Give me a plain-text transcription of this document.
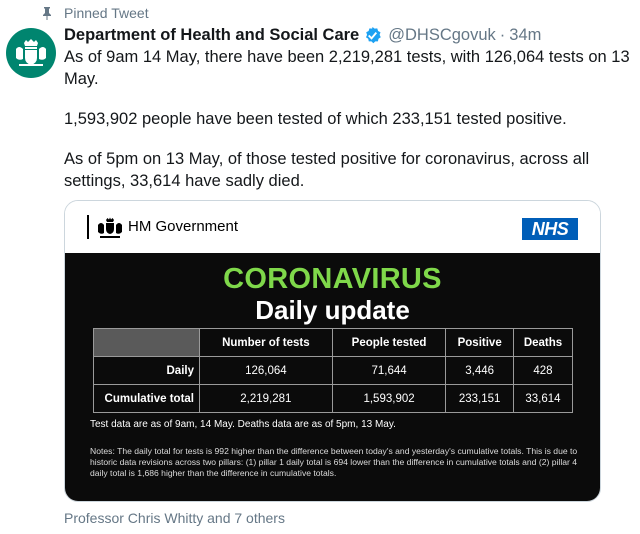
Pinned Tweet
Department of Health and Social Care @DHSCgovuk · 34m

As of 9am 14 May, there have been 2,219,281 tests, with 126,064 tests on 13 May.

1,593,902 people have been tested of which 233,151 tested positive.

As of 5pm on 13 May, of those tested positive for coronavirus, across all settings, 33,614 have sadly died.

HM Government	NHS
CORONAVIRUS
Daily update
	Number of tests	People tested	Positive	Deaths
Daily	126,064	71,644	3,446	428
Cumulative total	2,219,281	1,593,902	233,151	33,614
Test data are as of 9am, 14 May. Deaths data are as of 5pm, 13 May.
Notes: The daily total for tests is 992 higher than the difference between today's and yesterday's cumulative totals. This is due to historic data revisions across two pillars: (1) pillar 1 daily total is 694 lower than the difference in cumulative totals and (2) pillar 4 daily total is 1,686 higher than the difference in cumulative totals.
Professor Chris Whitty and 7 others
